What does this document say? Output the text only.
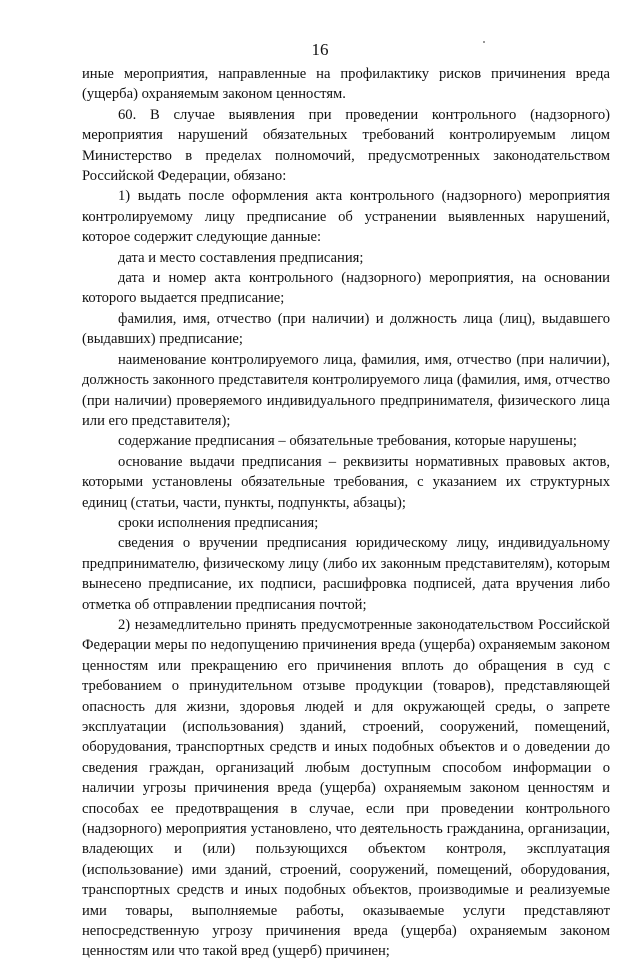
16

иные мероприятия, направленные на профилактику рисков причинения вреда (ущерба) охраняемым законом ценностям.

60. В случае выявления при проведении контрольного (надзорного) мероприятия нарушений обязательных требований контролируемым лицом Министерство в пределах полномочий, предусмотренных законодательством Российской Федерации, обязано:

1) выдать после оформления акта контрольного (надзорного) мероприятия контролируемому лицу предписание об устранении выявленных нарушений, которое содержит следующие данные:

дата и место составления предписания;

дата и номер акта контрольного (надзорного) мероприятия, на основании которого выдается предписание;

фамилия, имя, отчество (при наличии) и должность лица (лиц), выдавшего (выдавших) предписание;

наименование контролируемого лица, фамилия, имя, отчество (при наличии), должность законного представителя контролируемого лица (фамилия, имя, отчество (при наличии) проверяемого индивидуального предпринимателя, физического лица или его представителя);

содержание предписания – обязательные требования, которые нарушены;

основание выдачи предписания – реквизиты нормативных правовых актов, которыми установлены обязательные требования, с указанием их структурных единиц (статьи, части, пункты, подпункты, абзацы);

сроки исполнения предписания;

сведения о вручении предписания юридическому лицу, индивидуальному предпринимателю, физическому лицу (либо их законным представителям), которым вынесено предписание, их подписи, расшифровка подписей, дата вручения либо отметка об отправлении предписания почтой;

2) незамедлительно принять предусмотренные законодательством Российской Федерации меры по недопущению причинения вреда (ущерба) охраняемым законом ценностям или прекращению его причинения вплоть до обращения в суд с требованием о принудительном отзыве продукции (товаров), представляющей опасность для жизни, здоровья людей и для окружающей среды, о запрете эксплуатации (использования) зданий, строений, сооружений, помещений, оборудования, транспортных средств и иных подобных объектов и о доведении до сведения граждан, организаций любым доступным способом информации о наличии угрозы причинения вреда (ущерба) охраняемым законом ценностям и способах ее предотвращения в случае, если при проведении контрольного (надзорного) мероприятия установлено, что деятельность гражданина, организации, владеющих и (или) пользующихся объектом контроля, эксплуатация (использование) ими зданий, строений, сооружений, помещений, оборудования, транспортных средств и иных подобных объектов, производимые и реализуемые ими товары, выполняемые работы, оказываемые услуги представляют непосредственную угрозу причинения вреда (ущерба) охраняемым законом ценностям или что такой вред (ущерб) причинен;
